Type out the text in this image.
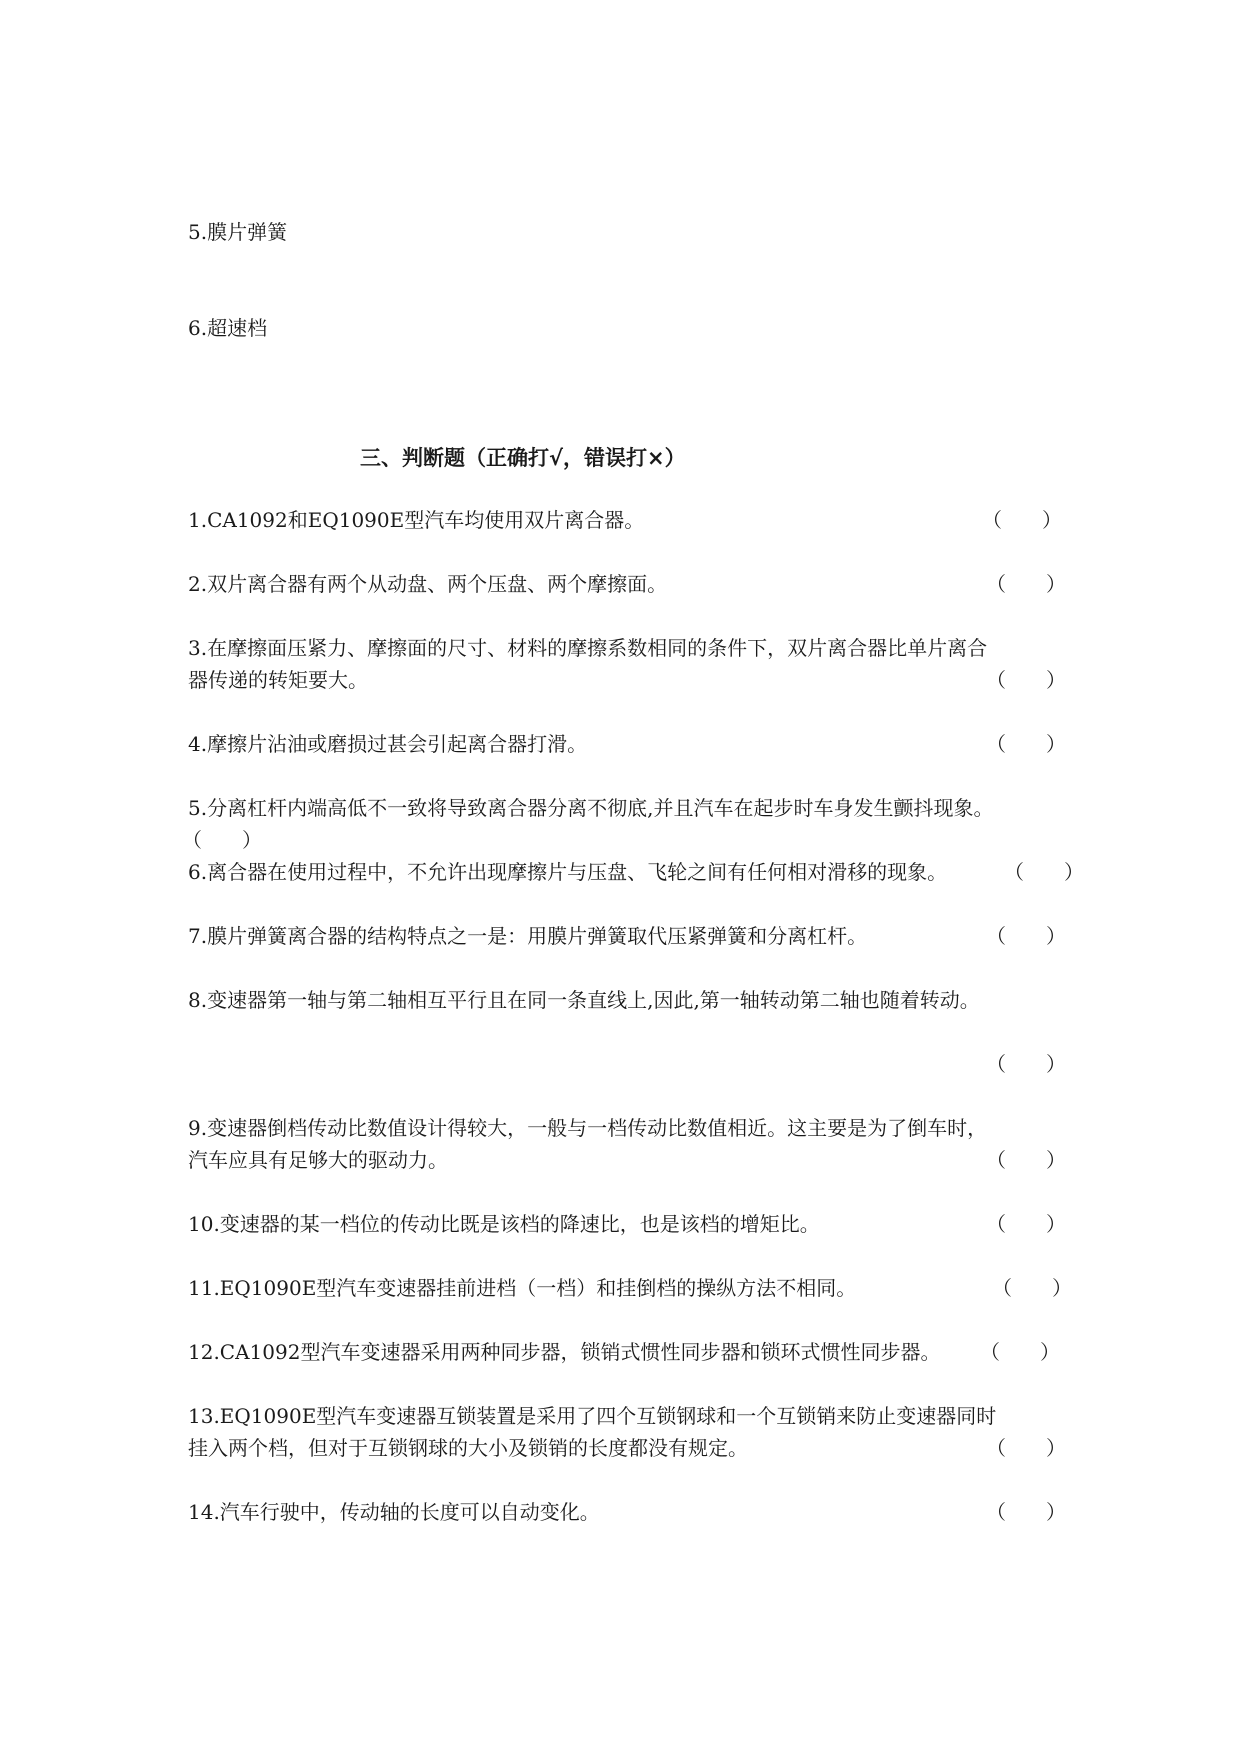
5.膜片弹簧
6.超速档
三、判断题（正确打√，错误打×）
1.CA1092和EQ1090E型汽车均使用双片离合器。	（　　）
2.双片离合器有两个从动盘、两个压盘、两个摩擦面。	（　　）
3.在摩擦面压紧力、摩擦面的尺寸、材料的摩擦系数相同的条件下，双片离合器比单片离合
器传递的转矩要大。	（　　）
4.摩擦片沾油或磨损过甚会引起离合器打滑。	（　　）
5.分离杠杆内端高低不一致将导致离合器分离不彻底,并且汽车在起步时车身发生颤抖现象。
（　　）
6.离合器在使用过程中，不允许出现摩擦片与压盘、飞轮之间有任何相对滑移的现象。	（　　）
7.膜片弹簧离合器的结构特点之一是：用膜片弹簧取代压紧弹簧和分离杠杆。	（　　）
8.变速器第一轴与第二轴相互平行且在同一条直线上,因此,第一轴转动第二轴也随着转动。
（　　）
9.变速器倒档传动比数值设计得较大，一般与一档传动比数值相近。这主要是为了倒车时，
汽车应具有足够大的驱动力。	（　　）
10.变速器的某一档位的传动比既是该档的降速比，也是该档的增矩比。	（　　）
11.EQ1090E型汽车变速器挂前进档（一档）和挂倒档的操纵方法不相同。	（　　）
12.CA1092型汽车变速器采用两种同步器，锁销式惯性同步器和锁环式惯性同步器。 （　　）
13.EQ1090E型汽车变速器互锁装置是采用了四个互锁钢球和一个互锁销来防止变速器同时
挂入两个档，但对于互锁钢球的大小及锁销的长度都没有规定。	（　　）
14.汽车行驶中，传动轴的长度可以自动变化。	（　　）
